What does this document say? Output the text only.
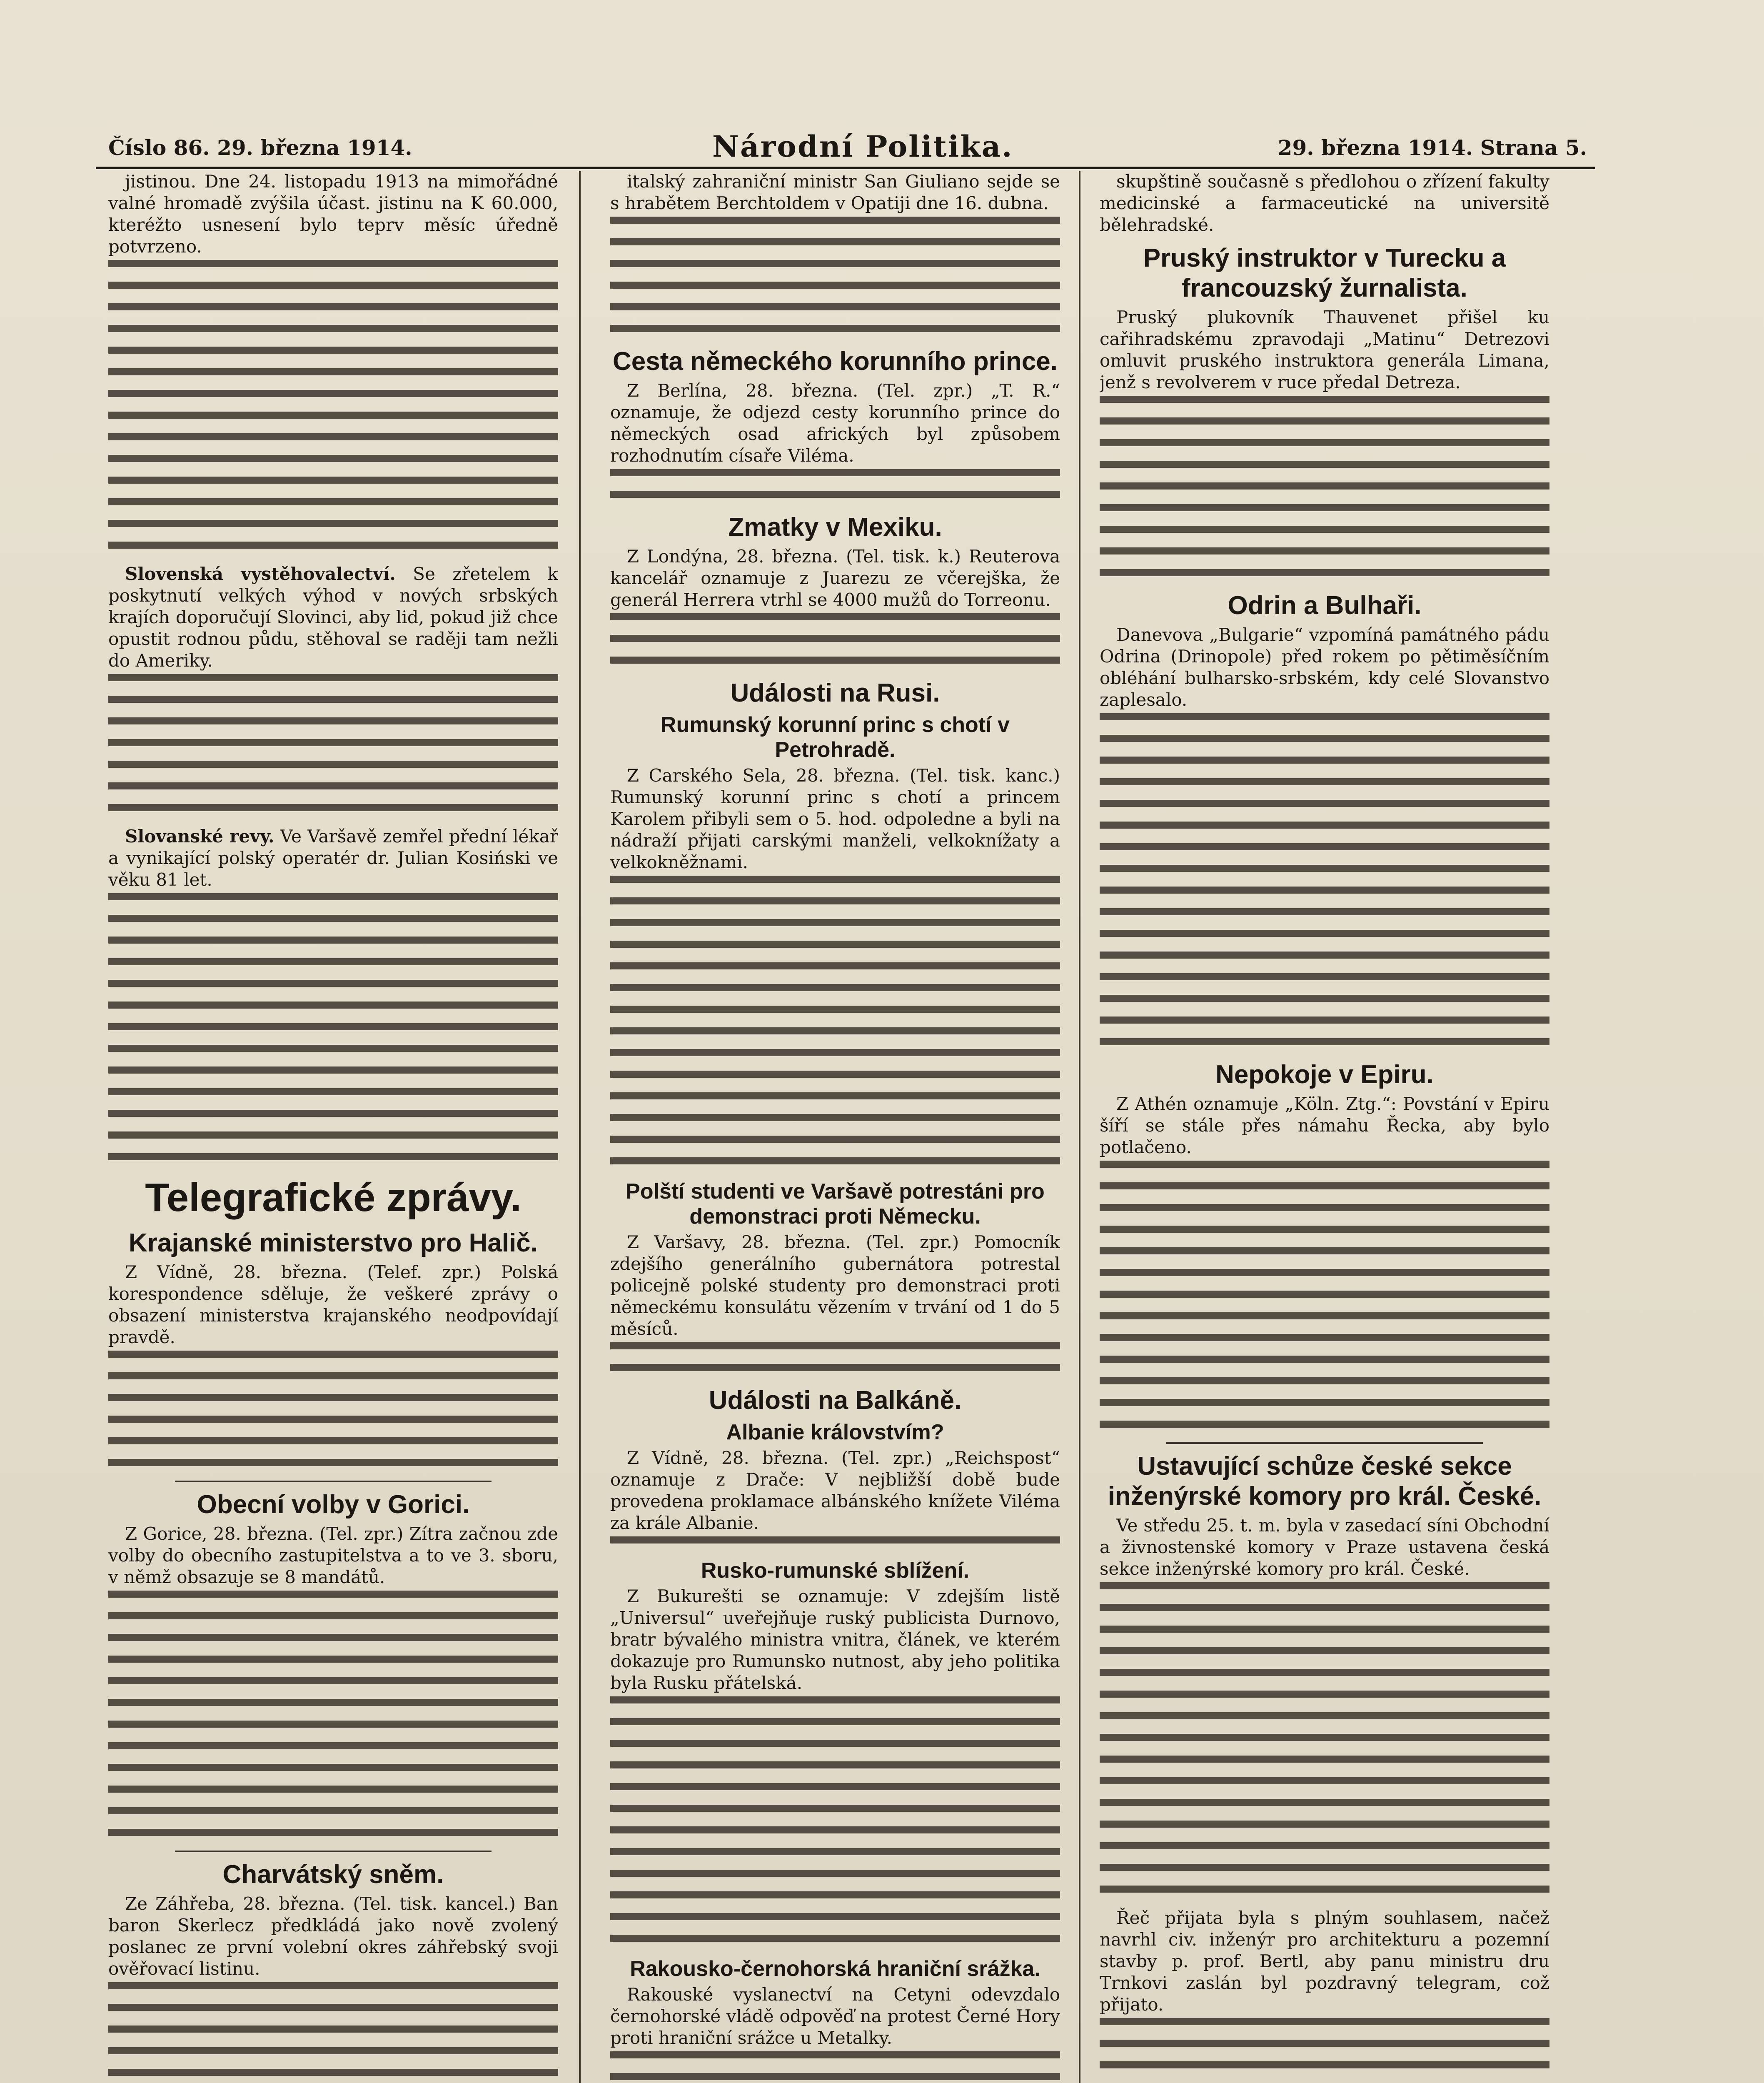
Číslo 86. 29. března 1914.	Národní Politika.	29. března 1914. Strana 5.

jistinou. Dne 24. listopadu 1913 na mimořádné valné hromadě zvýšila účast. jistinu na K 60.000, kteréžto usnesení bylo teprv měsíc úředně potvrzeno.

Slovenská vystěhovalectví. Se zřetelem k poskytnutí velkých výhod v nových srbských krajích doporučují Slovinci, aby lid, pokud již chce opustit rodnou půdu, stěhoval se raději tam nežli do Ameriky.

Slovanské revy. Ve Varšavě zemřel přední lékař a vynikající polský operatér dr. Julian Kosiński ve věku 81 let.

Telegrafické zprávy.
Krajanské ministerstvo pro Halič.

Z Vídně, 28. března. (Telef. zpr.) Polská korespondence sděluje, že veškeré zprávy o obsazení ministerstva krajanského neodpovídají pravdě.

Obecní volby v Gorici.

Z Gorice, 28. března. (Tel. zpr.) Zítra začnou zde volby do obecního zastupitelstva a to ve 3. sboru, v němž obsazuje se 8 mandátů.

Charvátský sněm.

Ze Záhřeba, 28. března. (Tel. tisk. kancel.) Ban baron Skerlecz předkládá jako nově zvolený poslanec ze první volební okres záhřebský svoji ověřovací listinu.

italský zahraniční ministr San Giuliano sejde se s hrabětem Berchtoldem v Opatiji dne 16. dubna.

Cesta německého korunního prince.

Z Berlína, 28. března. (Tel. zpr.) „T. R.“ oznamuje, že odjezd cesty korunního prince do německých osad afrických byl způsobem rozhodnutím císaře Viléma.

Zmatky v Mexiku.

Z Londýna, 28. března. (Tel. tisk. k.) Reuterova kancelář oznamuje z Juarezu ze včerejška, že generál Herrera vtrhl se 4000 mužů do Torreonu.

Události na Rusi.
Rumunský korunní princ s chotí v Petrohradě.

Z Carského Sela, 28. března. (Tel. tisk. kanc.) Rumunský korunní princ s chotí a princem Karolem přibyli sem o 5. hod. odpoledne a byli na nádraží přijati carskými manželi, velkoknížaty a velkokněžnami.

Polští studenti ve Varšavě potrestáni pro demonstraci proti Německu.

Z Varšavy, 28. března. (Tel. zpr.) Pomocník zdejšího generálního gubernátora potrestal policejně polské studenty pro demonstraci proti německému konsulátu vězením v trvání od 1 do 5 měsíců.

Události na Balkáně.
Albanie královstvím?

Z Vídně, 28. března. (Tel. zpr.) „Reichspost“ oznamuje z Drače: V nejbližší době bude provedena proklamace albánského knížete Viléma za krále Albanie.

Rusko-rumunské sblížení.

Z Bukurešti se oznamuje: V zdejším listě „Universul“ uveřejňuje ruský publicista Durnovo, bratr bývalého ministra vnitra, článek, ve kterém dokazuje pro Rumunsko nutnost, aby jeho politika byla Rusku přátelská.

Rakousko-černohorská hraniční srážka.

Rakouské vyslanectví na Cetyni odevzdalo černohorské vládě odpověď na protest Černé Hory proti hraniční srážce u Metalky.

skupštině současně s předlohou o zřízení fakulty medicinské a farmaceutické na universitě bělehradské.

Pruský instruktor v Turecku a francouzský žurnalista.

Pruský plukovník Thauvenet přišel ku cařihradskému zpravodaji „Matinu“ Detrezovi omluvit pruského instruktora generála Limana, jenž s revolverem v ruce předal Detreza.

Odrin a Bulhaři.

Danevova „Bulgarie“ vzpomíná památného pádu Odrina (Drinopole) před rokem po pětiměsíčním obléhání bulharsko-srbském, kdy celé Slovanstvo zaplesalo.

Nepokoje v Epiru.

Z Athén oznamuje „Köln. Ztg.“: Povstání v Epiru šíří se stále přes námahu Řecka, aby bylo potlačeno.

Ustavující schůze české sekce inženýrské komory pro král. České.

Ve středu 25. t. m. byla v zasedací síni Obchodní a živnostenské komory v Praze ustavena česká sekce inženýrské komory pro král. České.

Řeč přijata byla s plným souhlasem, načež navrhl civ. inženýr pro architekturu a pozemní stavby p. prof. Bertl, aby panu ministru dru Trnkovi zaslán byl pozdravný telegram, což přijato.
